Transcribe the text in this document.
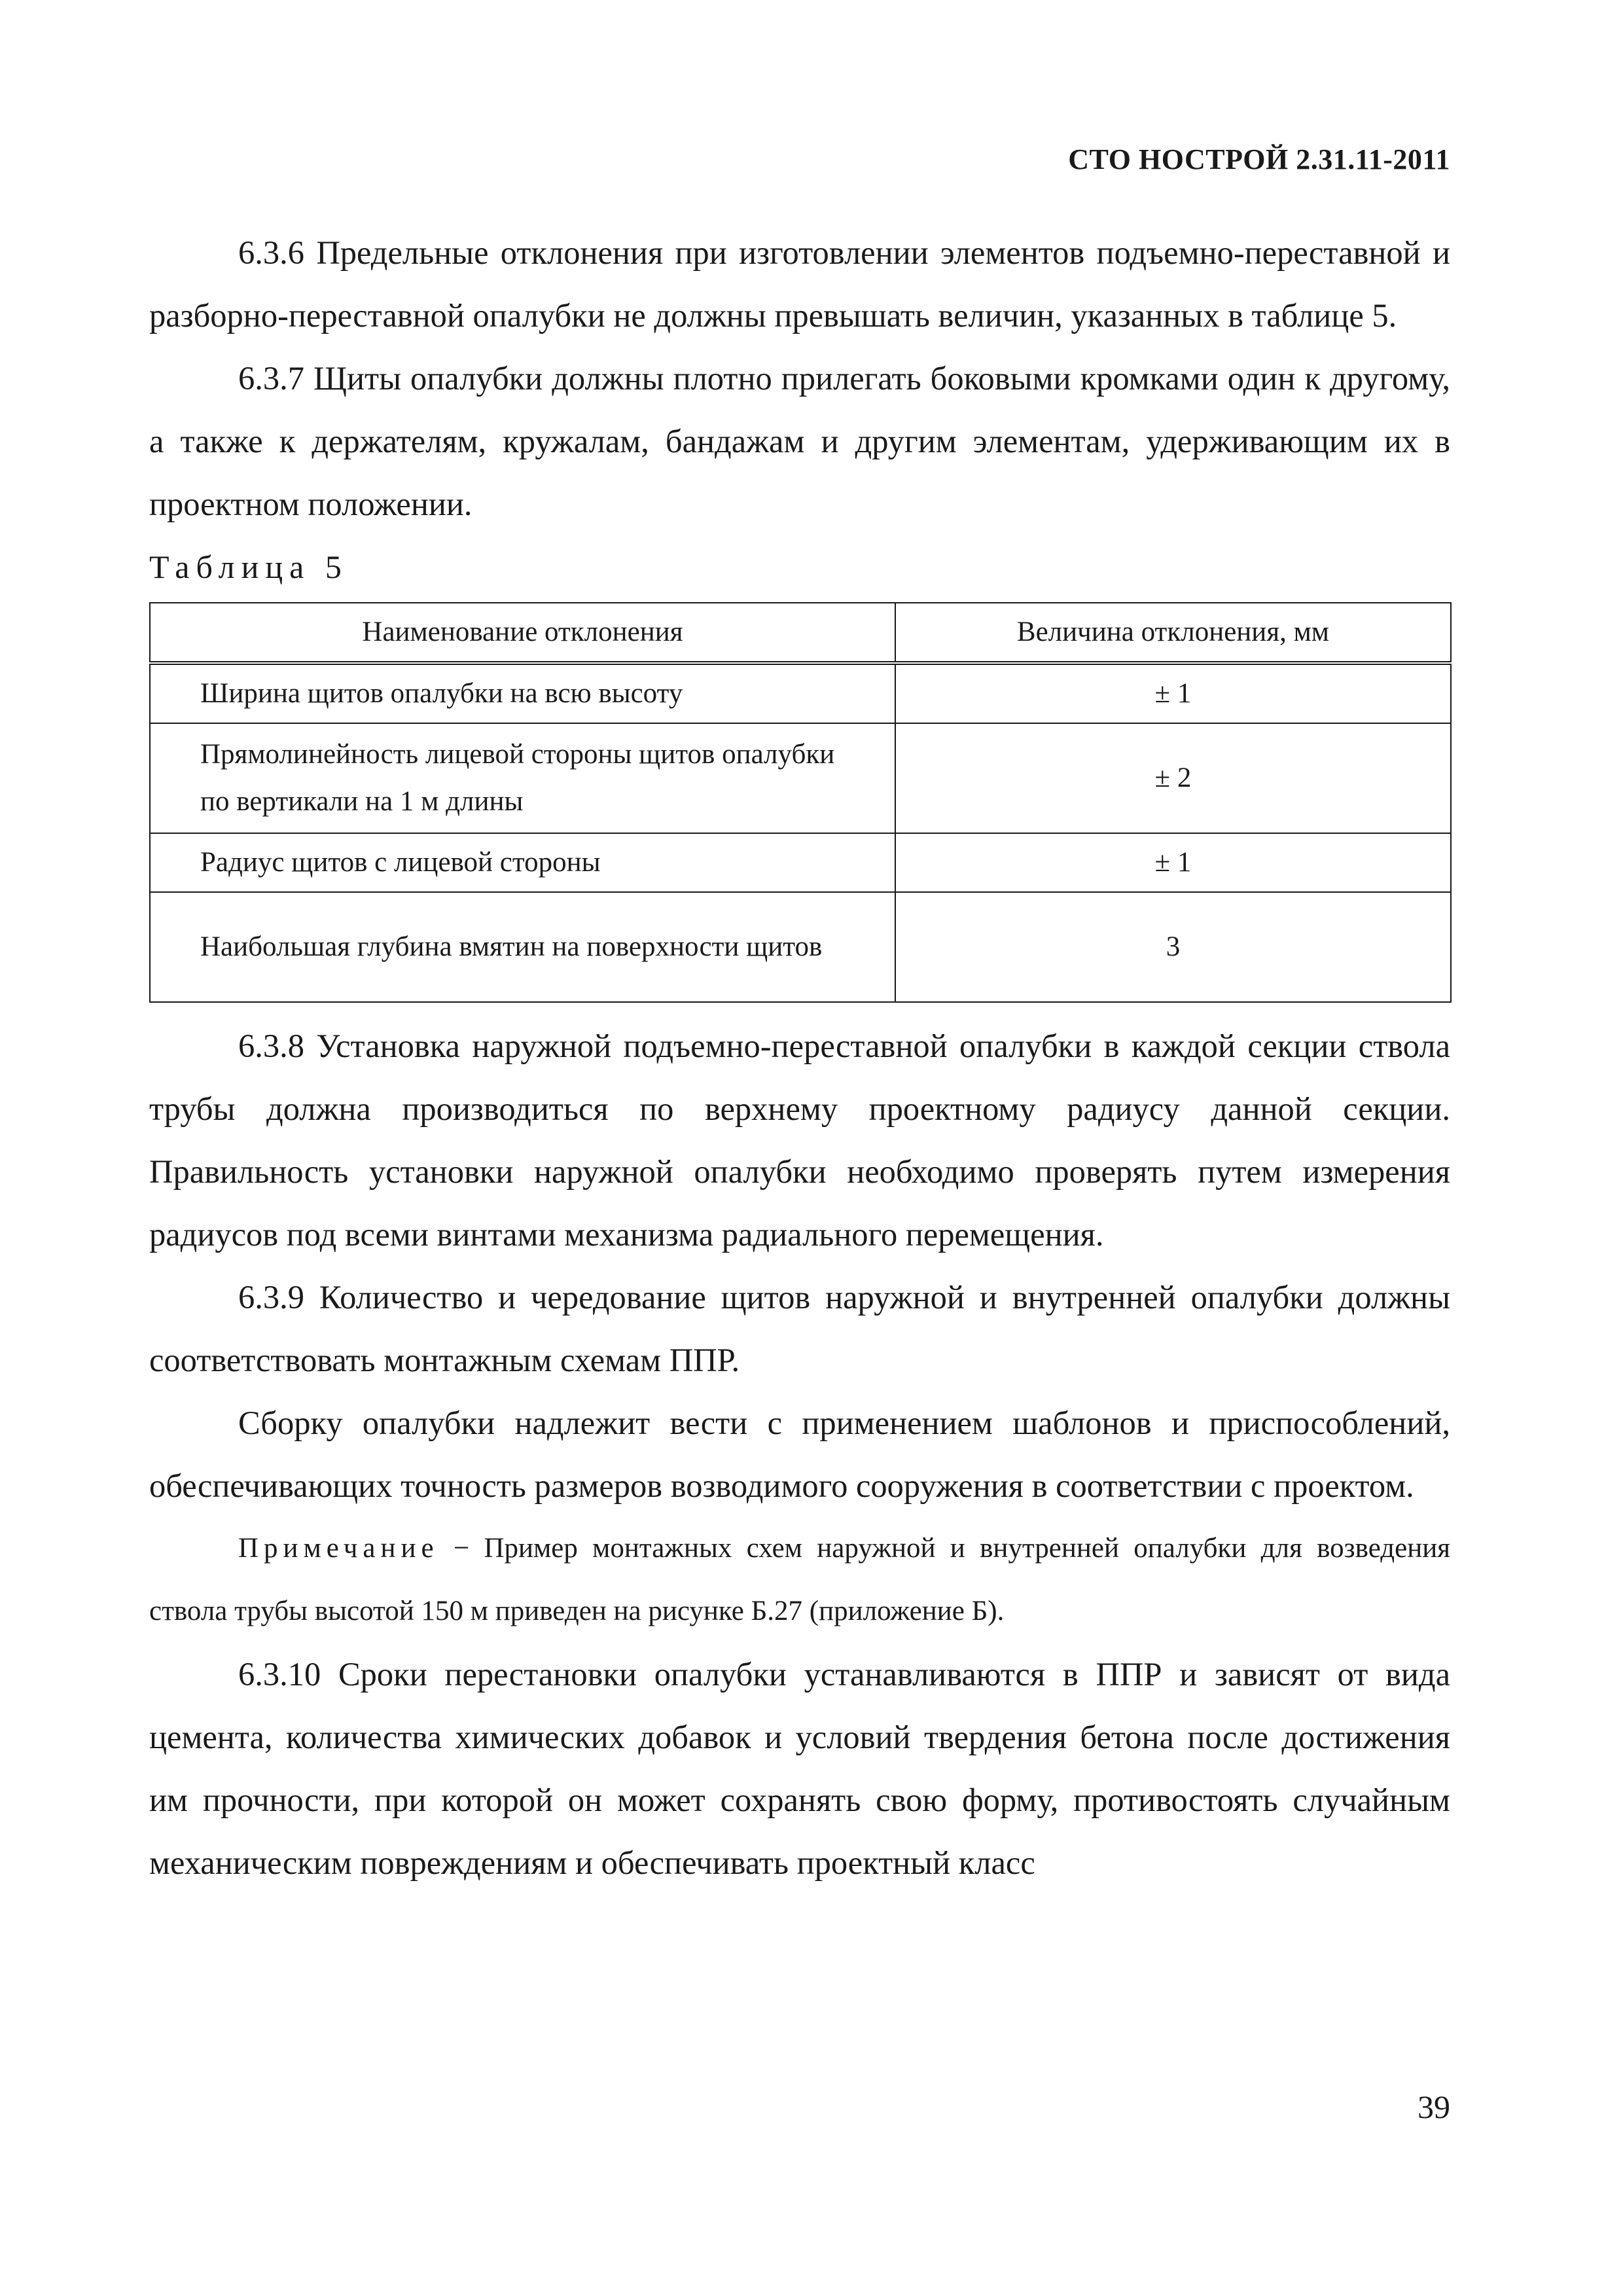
СТО НОСТРОЙ 2.31.11-2011

6.3.6 Предельные отклонения при изготовлении элементов подъемно-переставной и разборно-переставной опалубки не должны превышать величин, указанных в таблице 5.

6.3.7 Щиты опалубки должны плотно прилегать боковыми кромками один к другому, а также к держателям, кружалам, бандажам и другим элементам, удерживающим их в проектном положении.

Таблица 5

Наименование отклонения	Величина отклонения, мм
Ширина щитов опалубки на всю высоту	± 1
Прямолинейность лицевой стороны щитов опалубки по вертикали на 1 м длины	± 2
Радиус щитов с лицевой стороны	± 1
Наибольшая глубина вмятин на поверхности щитов	3

6.3.8 Установка наружной подъемно-переставной опалубки в каждой секции ствола трубы должна производиться по верхнему проектному радиусу данной секции. Правильность установки наружной опалубки необходимо проверять путем измерения радиусов под всеми винтами механизма радиального перемещения.

6.3.9 Количество и чередование щитов наружной и внутренней опалубки должны соответствовать монтажным схемам ППР.

Сборку опалубки надлежит вести с применением шаблонов и приспособлений, обеспечивающих точность размеров возводимого сооружения в соответствии с проектом.

Примечание − Пример монтажных схем наружной и внутренней опалубки для возведения ствола трубы высотой 150 м приведен на рисунке Б.27 (приложение Б).

6.3.10 Сроки перестановки опалубки устанавливаются в ППР и зависят от вида цемента, количества химических добавок и условий твердения бетона после достижения им прочности, при которой он может сохранять свою форму, противостоять случайным механическим повреждениям и обеспечивать проектный класс

39
